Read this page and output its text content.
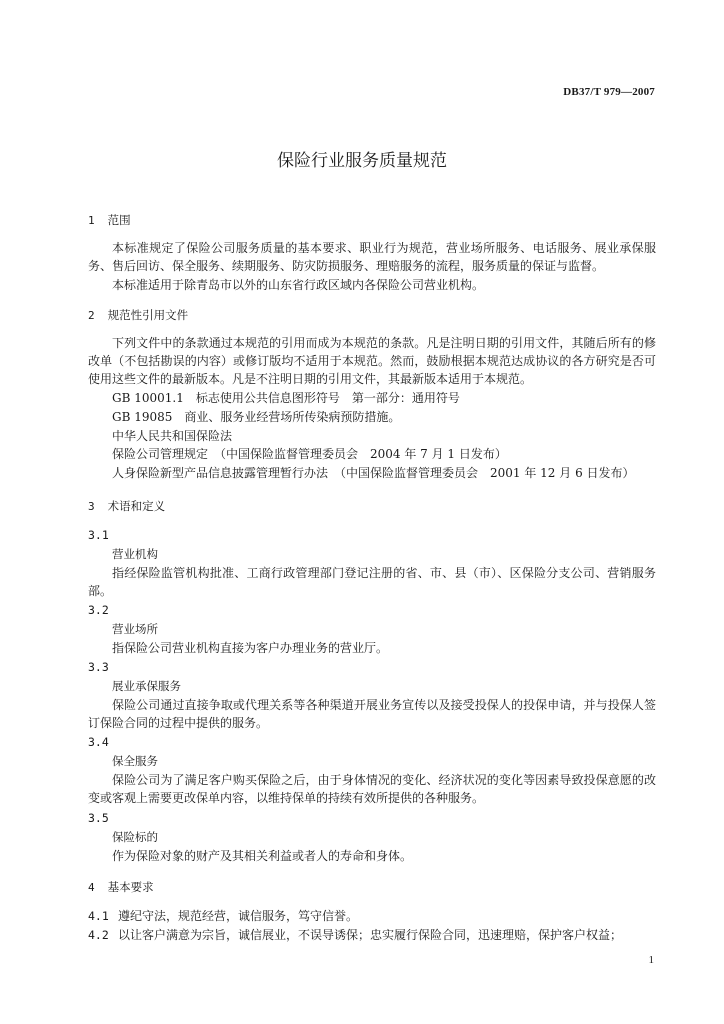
DB37/T 979—2007
保险行业服务质量规范
1 范围
本标准规定了保险公司服务质量的基本要求、职业行为规范，营业场所服务、电话服务、展业承保服务、售后回访、保全服务、续期服务、防灾防损服务、理赔服务的流程，服务质量的保证与监督。
本标准适用于除青岛市以外的山东省行政区域内各保险公司营业机构。
2 规范性引用文件
下列文件中的条款通过本规范的引用而成为本规范的条款。凡是注明日期的引用文件，其随后所有的修改单（不包括勘误的内容）或修订版均不适用于本规范。然而，鼓励根据本规范达成协议的各方研究是否可使用这些文件的最新版本。凡是不注明日期的引用文件，其最新版本适用于本规范。
GB 10001.1　标志使用公共信息图形符号　第一部分：通用符号
GB 19085　商业、服务业经营场所传染病预防措施。
中华人民共和国保险法
保险公司管理规定　（中国保险监督管理委员会　2004 年 7 月 1 日发布）
人身保险新型产品信息披露管理暂行办法　（中国保险监督管理委员会　2001 年 12 月 6 日发布）
3 术语和定义
3.1
营业机构
指经保险监管机构批准、工商行政管理部门登记注册的省、市、县（市）、区保险分支公司、营销服务部。
3.2
营业场所
指保险公司营业机构直接为客户办理业务的营业厅。
3.3
展业承保服务
保险公司通过直接争取或代理关系等各种渠道开展业务宣传以及接受投保人的投保申请，并与投保人签订保险合同的过程中提供的服务。
3.4
保全服务
保险公司为了满足客户购买保险之后，由于身体情况的变化、经济状况的变化等因素导致投保意愿的改变或客观上需要更改保单内容，以维持保单的持续有效所提供的各种服务。
3.5
保险标的
作为保险对象的财产及其相关利益或者人的寿命和身体。
4 基本要求
4.1 遵纪守法，规范经营，诚信服务，笃守信誉。
4.2 以让客户满意为宗旨，诚信展业，不误导诱保；忠实履行保险合同，迅速理赔，保护客户权益；
1
